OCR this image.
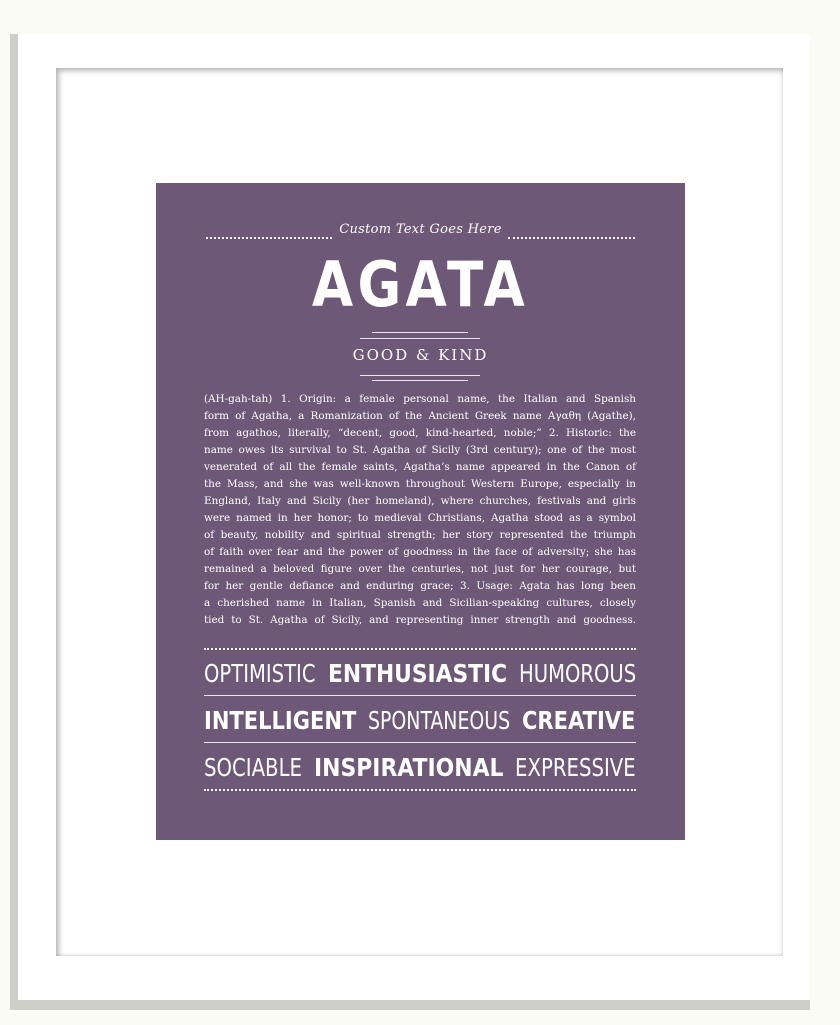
Custom Text Goes Here
AGATA
GOOD & KIND
(AH-gah-tah) 1. Origin: a female personal name, the Italian and Spanish
form of Agatha, a Romanization of the Ancient Greek name Αγαθη (Agathe),
from agathos, literally, “decent, good, kind-hearted, noble;” 2. Historic: the
name owes its survival to St. Agatha of Sicily (3rd century); one of the most
venerated of all the female saints, Agatha’s name appeared in the Canon of
the Mass, and she was well-known throughout Western Europe, especially in
England, Italy and Sicily (her homeland), where churches, festivals and girls
were named in her honor; to medieval Christians, Agatha stood as a symbol
of beauty, nobility and spiritual strength; her story represented the triumph
of faith over fear and the power of goodness in the face of adversity; she has
remained a beloved figure over the centuries, not just for her courage, but
for her gentle defiance and enduring grace; 3. Usage: Agata has long been
a cherished name in Italian, Spanish and Sicilian-speaking cultures, closely
tied to St. Agatha of Sicily, and representing inner strength and goodness.
OPTIMISTIC ENTHUSIASTIC HUMOROUS
INTELLIGENT SPONTANEOUS CREATIVE
SOCIABLE INSPIRATIONAL EXPRESSIVE
